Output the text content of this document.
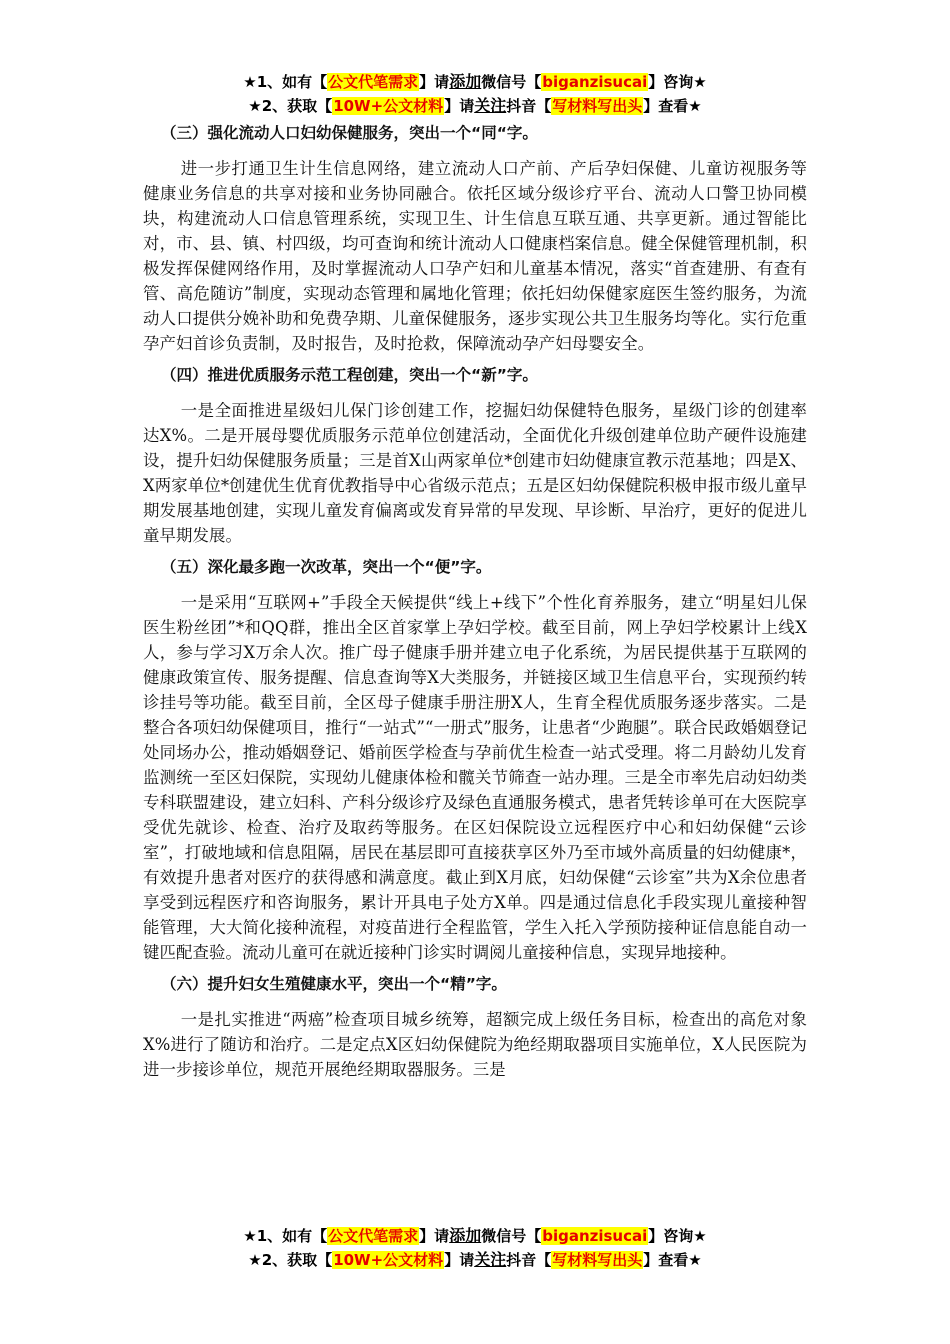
★1、如有【公文代笔需求】请添加微信号【biganzisucai】咨询★
★2、获取【10W+公文材料】请关注抖音【写材料写出头】查看★
（三）强化流动人口妇幼保健服务，突出一个“同“字。

进一步打通卫生计生信息网络，建立流动人口产前、产后孕妇保健、儿童访视服务等健康业务信息的共享对接和业务协同融合。依托区域分级诊疗平台、流动人口警卫协同模块，构建流动人口信息管理系统，实现卫生、计生信息互联互通、共享更新。通过智能比对，市、县、镇、村四级，均可查询和统计流动人口健康档案信息。健全保健管理机制，积极发挥保健网络作用，及时掌握流动人口孕产妇和儿童基本情况，落实“首查建册、有查有管、高危随访”制度，实现动态管理和属地化管理；依托妇幼保健家庭医生签约服务，为流动人口提供分娩补助和免费孕期、儿童保健服务，逐步实现公共卫生服务均等化。实行危重孕产妇首诊负责制，及时报告，及时抢救，保障流动孕产妇母婴安全。

（四）推进优质服务示范工程创建，突出一个“新”字。

一是全面推进星级妇儿保门诊创建工作，挖掘妇幼保健特色服务，星级门诊的创建率达X%。二是开展母婴优质服务示范单位创建活动，全面优化升级创建单位助产硬件设施建设，提升妇幼保健服务质量；三是首X山两家单位*创建市妇幼健康宣教示范基地；四是X、X两家单位*创建优生优育优教指导中心省级示范点；五是区妇幼保健院积极申报市级儿童早期发展基地创建，实现儿童发育偏离或发育异常的早发现、早诊断、早治疗，更好的促进儿童早期发展。

（五）深化最多跑一次改革，突出一个“便”字。

一是采用“互联网+”手段全天候提供“线上+线下”个性化育养服务，建立“明星妇儿保医生粉丝团”*和QQ群，推出全区首家掌上孕妇学校。截至目前，网上孕妇学校累计上线X人，参与学习X万余人次。推广母子健康手册并建立电子化系统，为居民提供基于互联网的健康政策宣传、服务提醒、信息查询等X大类服务，并链接区域卫生信息平台，实现预约转诊挂号等功能。截至目前，全区母子健康手册注册X人，生育全程优质服务逐步落实。二是整合各项妇幼保健项目，推行“一站式”“一册式”服务，让患者“少跑腿”。联合民政婚姻登记处同场办公，推动婚姻登记、婚前医学检查与孕前优生检查一站式受理。将二月龄幼儿发育监测统一至区妇保院，实现幼儿健康体检和髋关节筛查一站办理。三是全市率先启动妇幼类专科联盟建设，建立妇科、产科分级诊疗及绿色直通服务模式，患者凭转诊单可在大医院享受优先就诊、检查、治疗及取药等服务。在区妇保院设立远程医疗中心和妇幼保健“云诊室”，打破地域和信息阻隔，居民在基层即可直接获享区外乃至市域外高质量的妇幼健康*，有效提升患者对医疗的获得感和满意度。截止到X月底，妇幼保健“云诊室”共为X余位患者享受到远程医疗和咨询服务，累计开具电子处方X单。四是通过信息化手段实现儿童接种智能管理，大大简化接种流程，对疫苗进行全程监管，学生入托入学预防接种证信息能自动一键匹配查验。流动儿童可在就近接种门诊实时调阅儿童接种信息，实现异地接种。

（六）提升妇女生殖健康水平，突出一个“精”字。

一是扎实推进“两癌”检查项目城乡统筹，超额完成上级任务目标，检查出的高危对象X%进行了随访和治疗。二是定点X区妇幼保健院为绝经期取器项目实施单位，X人民医院为进一步接诊单位，规范开展绝经期取器服务。三是

★1、如有【公文代笔需求】请添加微信号【biganzisucai】咨询★
★2、获取【10W+公文材料】请关注抖音【写材料写出头】查看★
